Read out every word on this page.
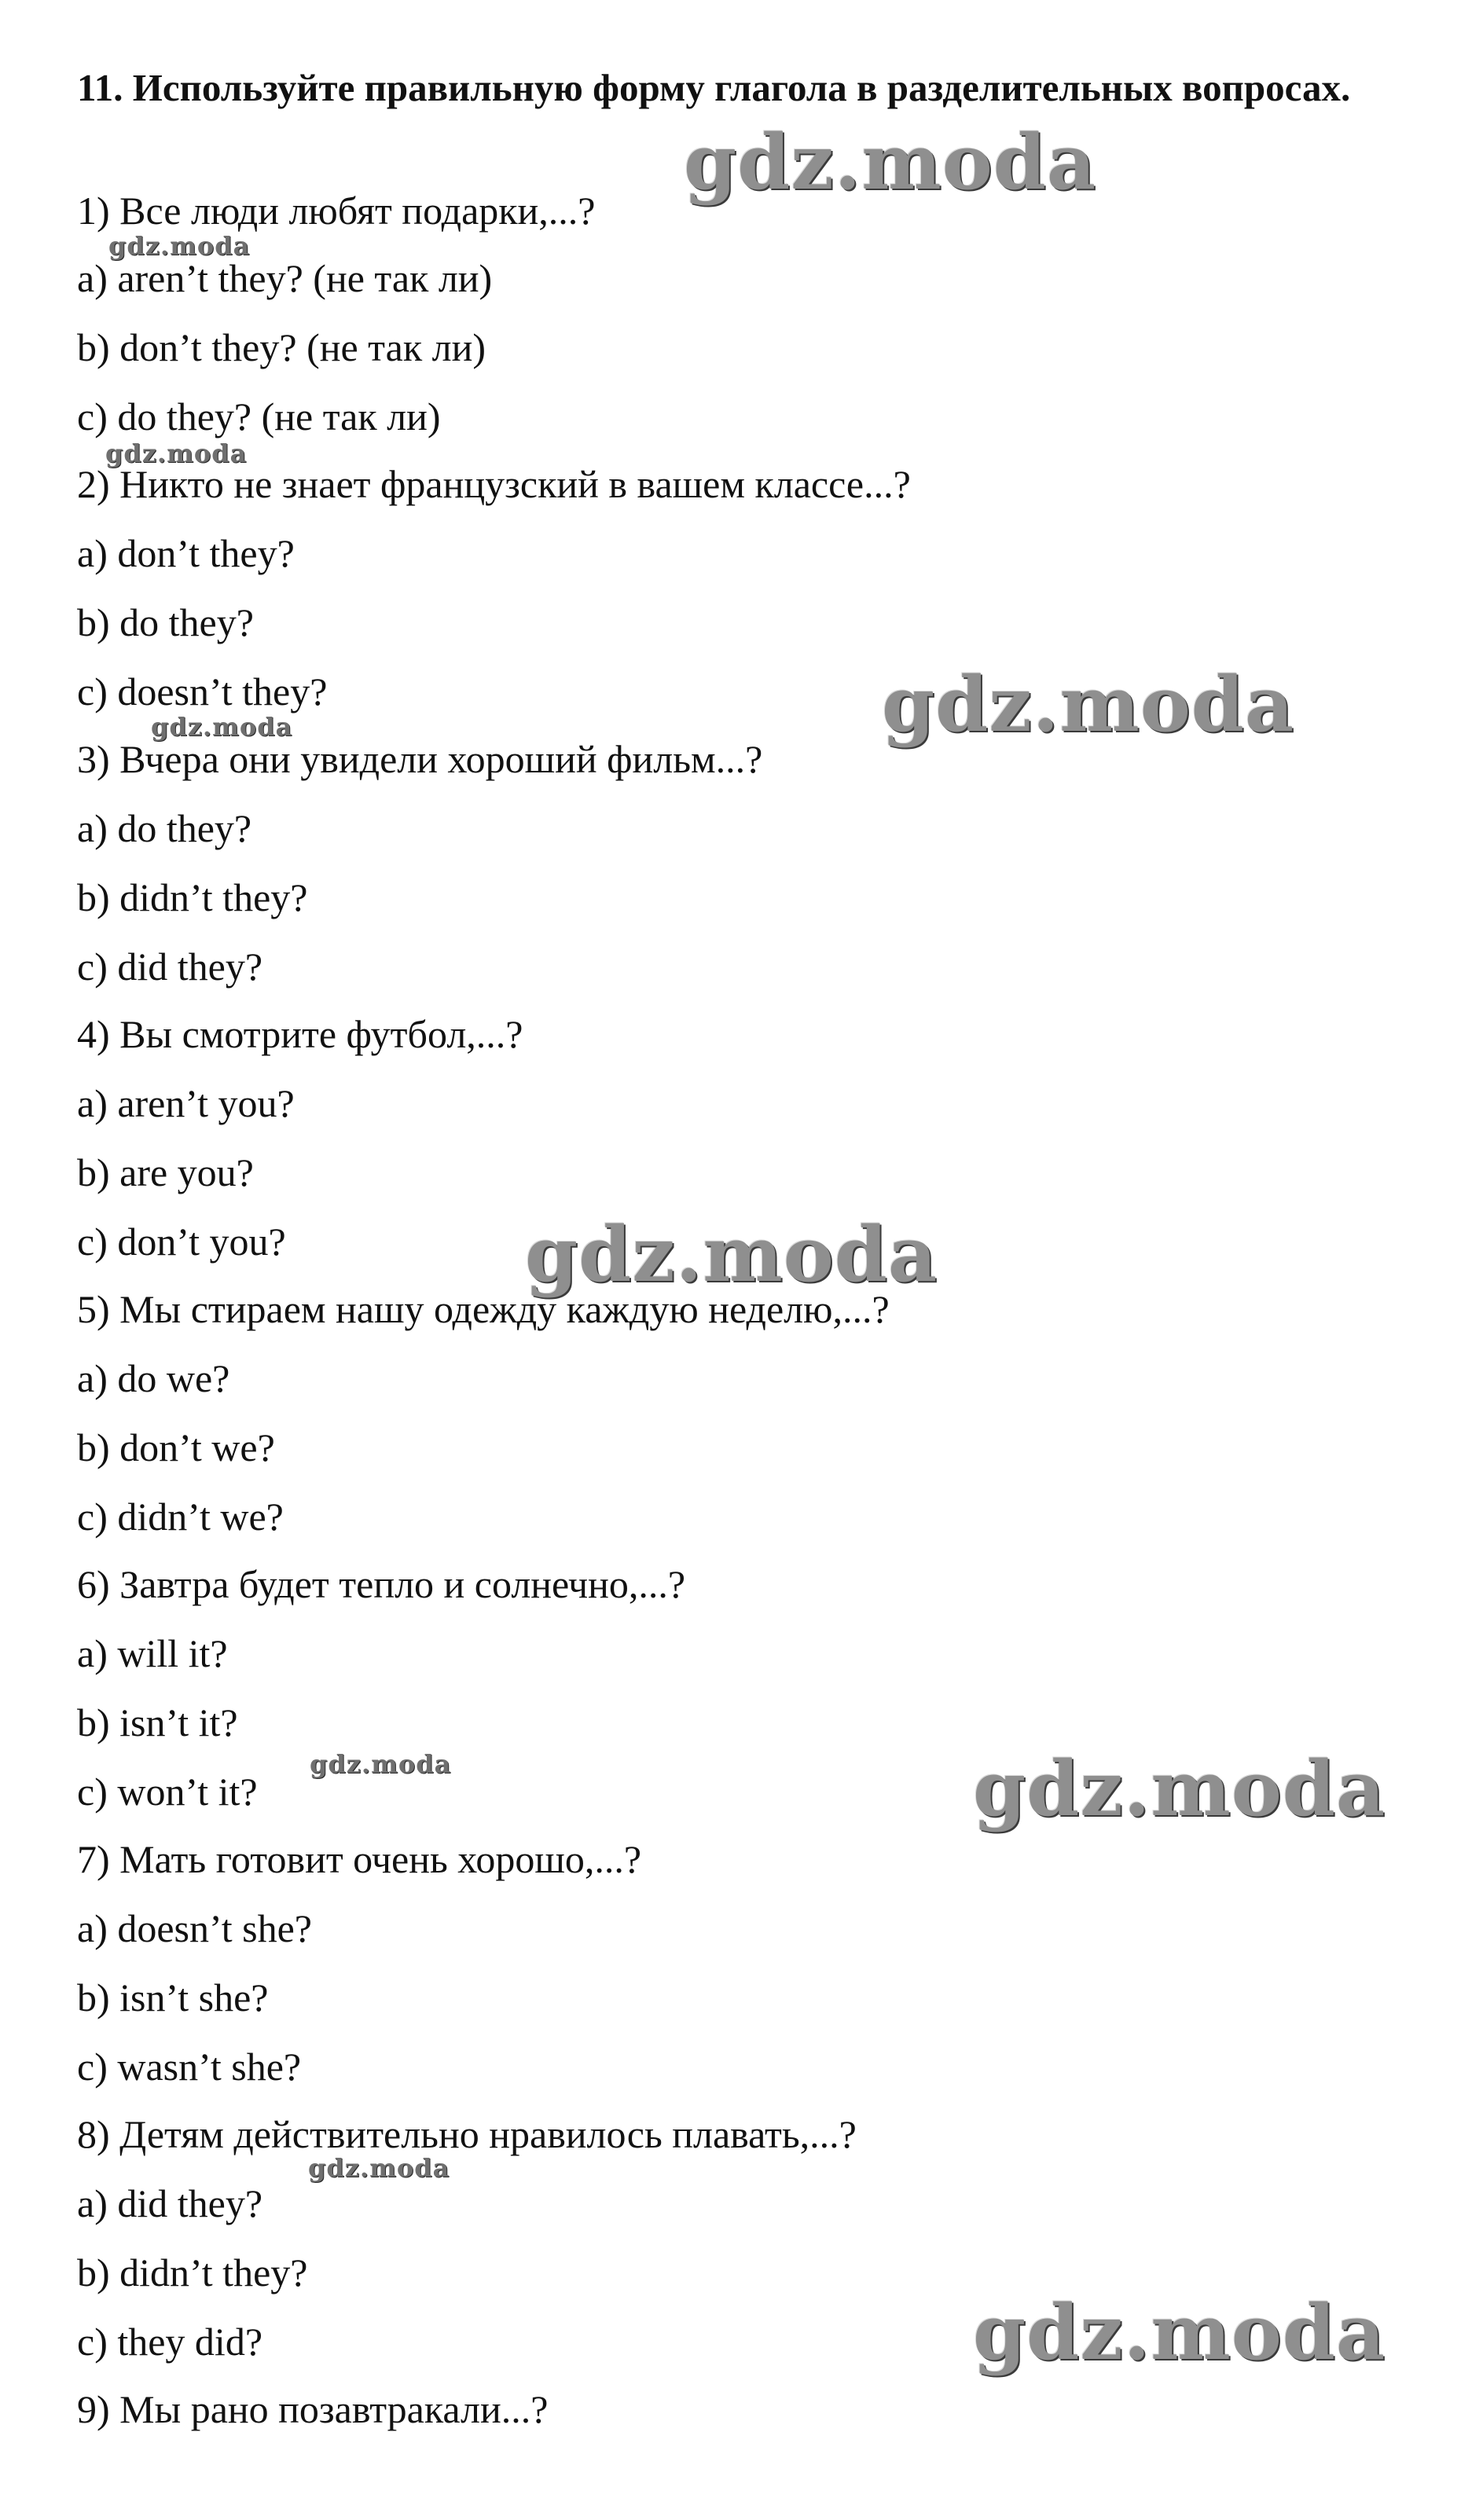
11. Используйте правильную форму глагола в разделительных вопросах.
1) Все люди любят подарки,...?
a) aren’t they? (не так ли)
b) don’t they? (не так ли)
c) do they? (не так ли)
2) Никто не знает французский в вашем классе...?
a) don’t they?
b) do they?
c) doesn’t they?
3) Вчера они увидели хороший фильм...?
a) do they?
b) didn’t they?
c) did they?
4) Вы смотрите футбол,...?
a) aren’t you?
b) are you?
c) don’t you?
5) Мы стираем нашу одежду каждую неделю,...?
a) do we?
b) don’t we?
c) didn’t we?
6) Завтра будет тепло и солнечно,...?
a) will it?
b) isn’t it?
c) won’t it?
7) Мать готовит очень хорошо,...?
a) doesn’t she?
b) isn’t she?
c) wasn’t she?
8) Детям действительно нравилось плавать,...?
a) did they?
b) didn’t they?
c) they did?
9) Мы рано позавтракали...?
gdz.moda
gdz.moda
gdz.moda
gdz.moda
gdz.moda
gdz.moda
gdz.moda	gdz.moda
gdz.moda
gdz.moda
